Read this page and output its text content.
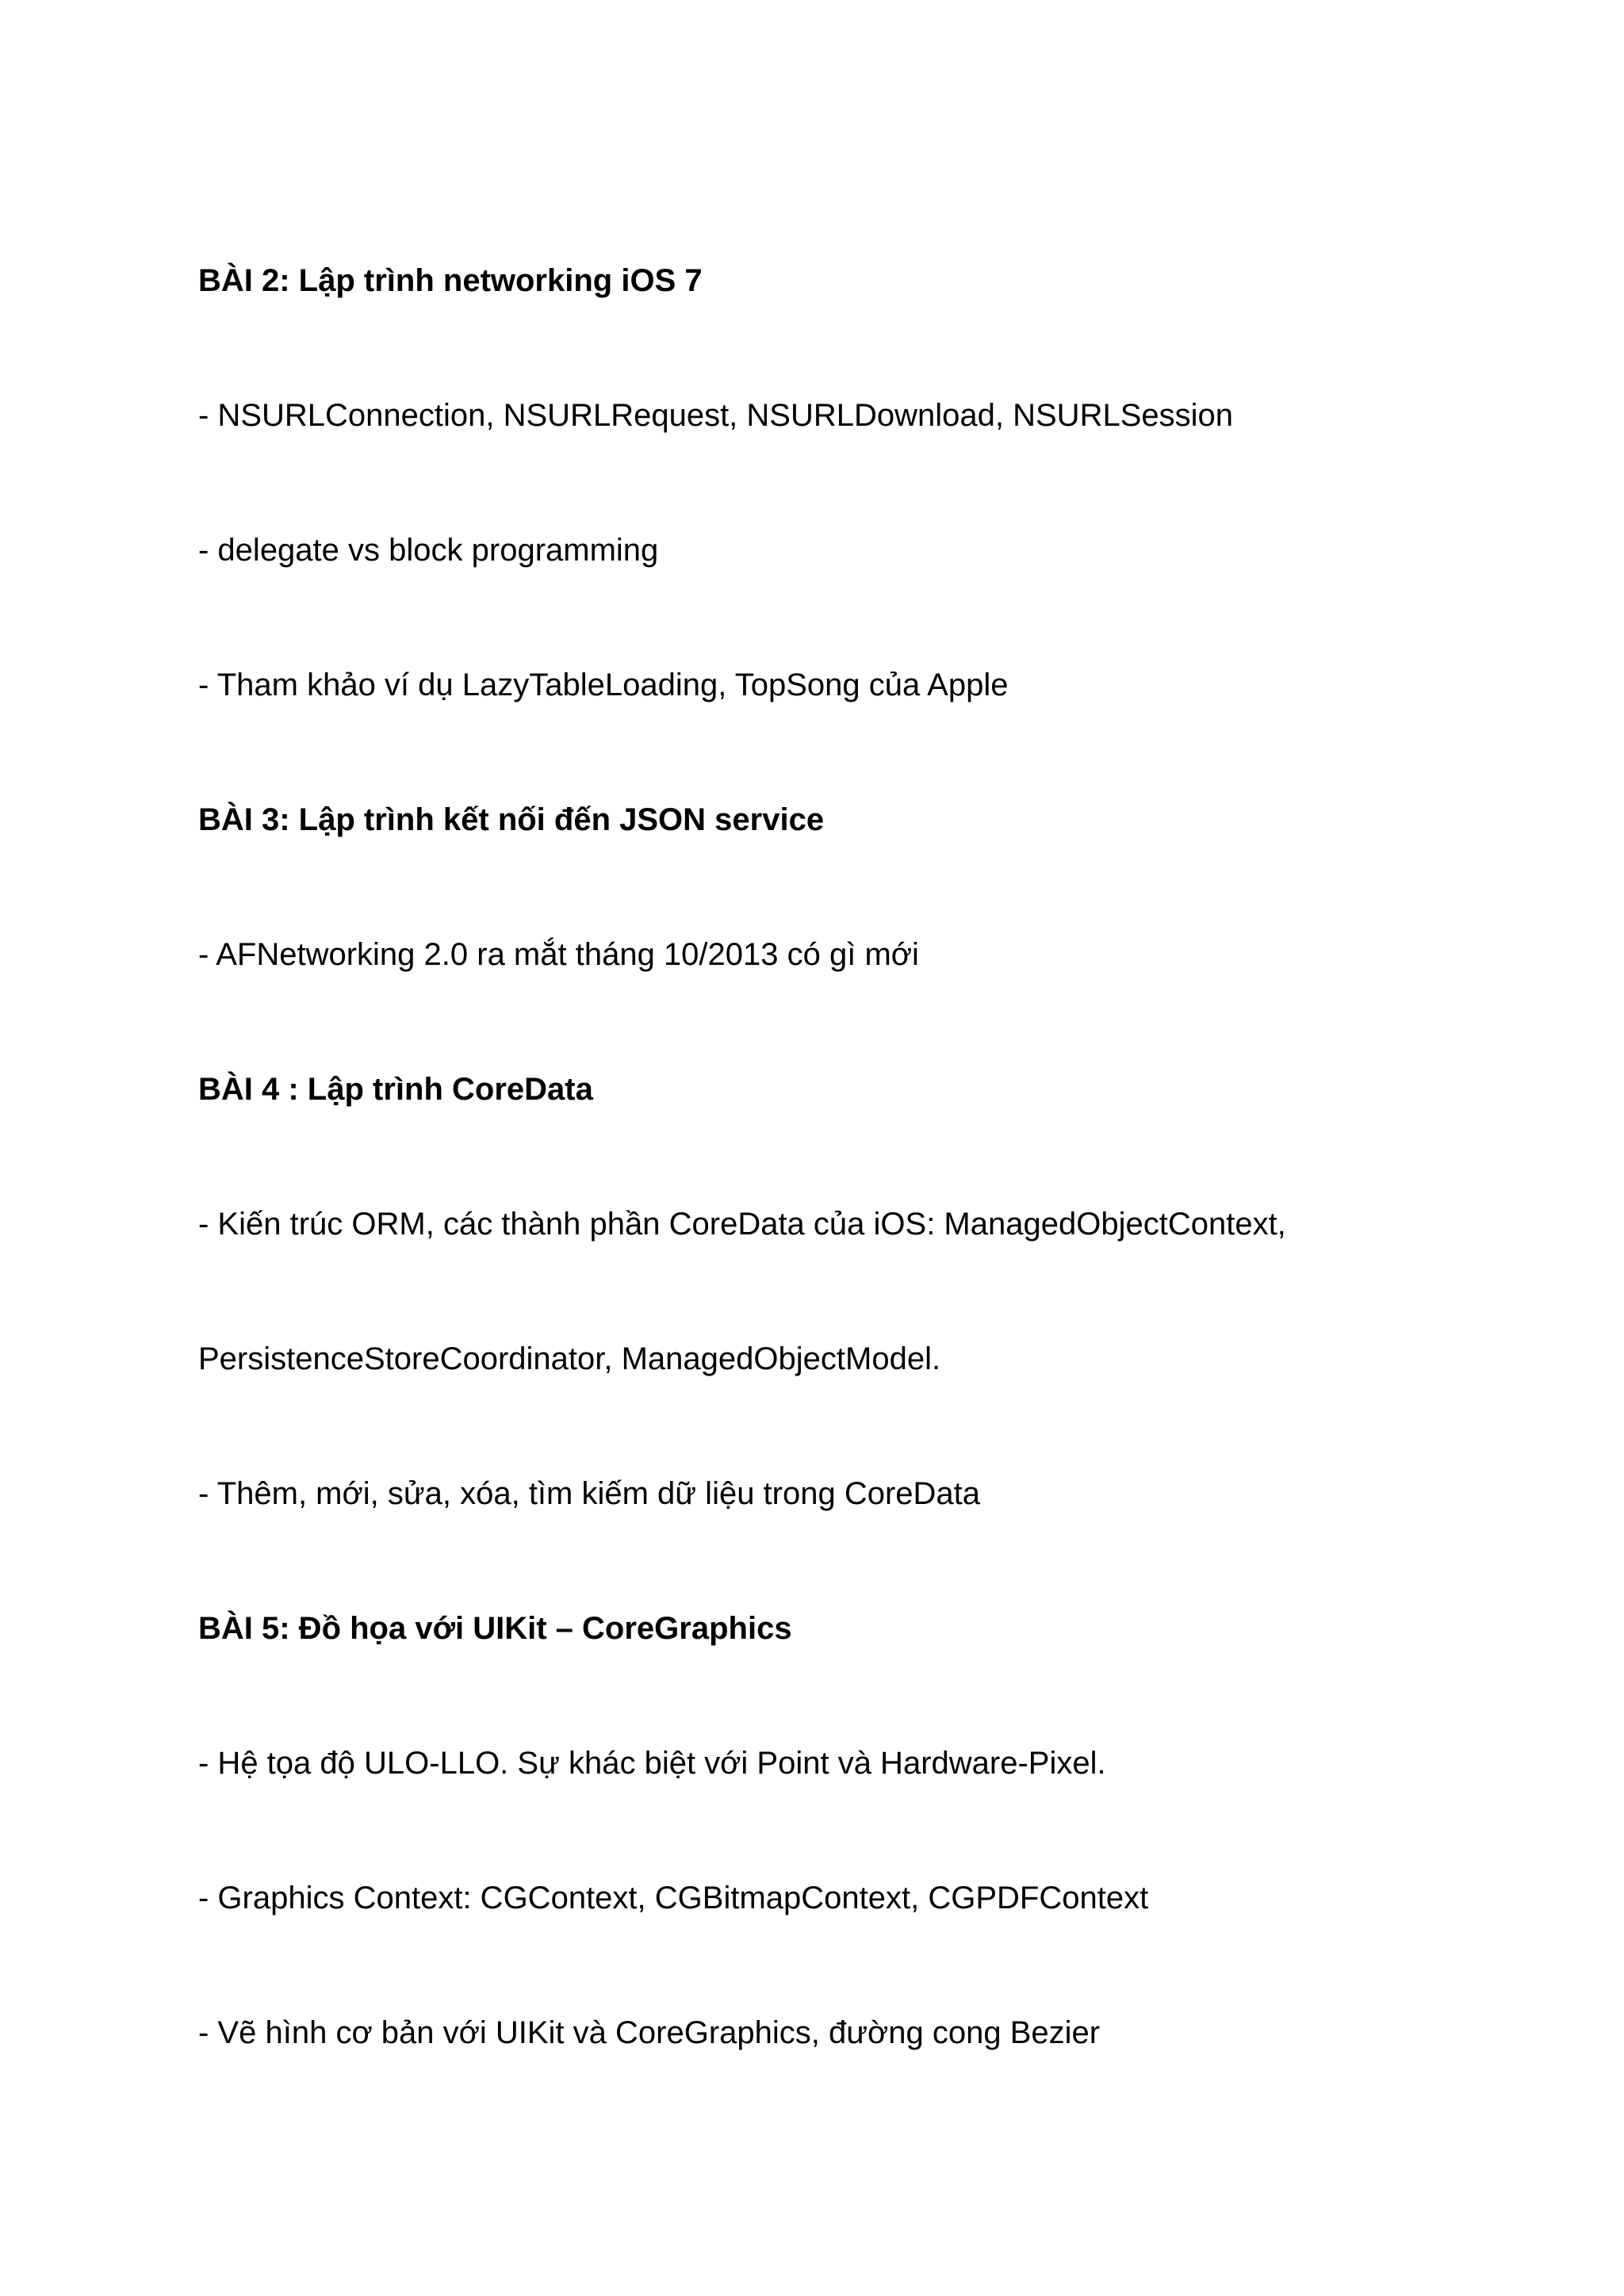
BÀI 2: Lập trình networking iOS 7
- NSURLConnection, NSURLRequest, NSURLDownload, NSURLSession
- delegate vs block programming
- Tham khảo ví dụ LazyTableLoading, TopSong của Apple
BÀI 3: Lập trình kết nối đến JSON service
- AFNetworking 2.0 ra mắt tháng 10/2013 có gì mới
BÀI 4 : Lập trình CoreData
- Kiến trúc ORM, các thành phần CoreData của iOS: ManagedObjectContext,
PersistenceStoreCoordinator, ManagedObjectModel.
- Thêm, mới, sửa, xóa, tìm kiếm dữ liệu trong CoreData
BÀI 5: Đồ họa với UIKit – CoreGraphics
- Hệ tọa độ ULO-LLO. Sự khác biệt với Point và Hardware-Pixel.
- Graphics Context: CGContext, CGBitmapContext, CGPDFContext
- Vẽ hình cơ bản với UIKit và CoreGraphics, đường cong Bezier
